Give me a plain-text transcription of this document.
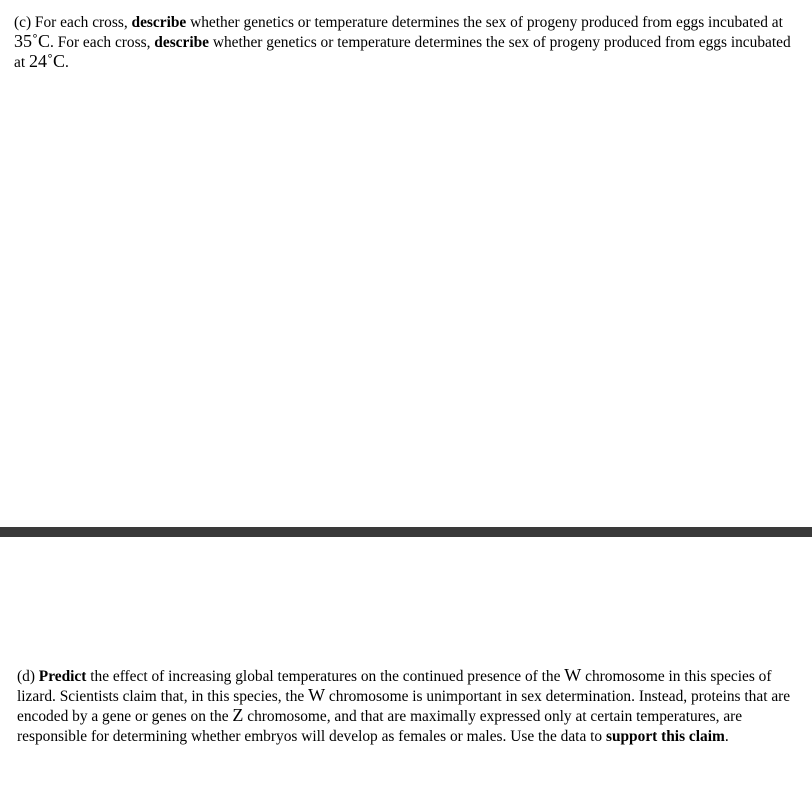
(c) For each cross, describe whether genetics or temperature determines the sex of progeny produced from eggs incubated at 35˚C. For each cross, describe whether genetics or temperature determines the sex of progeny produced from eggs incubated at 24˚C.

(d) Predict the effect of increasing global temperatures on the continued presence of the W chromosome in this species of lizard. Scientists claim that, in this species, the W chromosome is unimportant in sex determination. Instead, proteins that are encoded by a gene or genes on the Z chromosome, and that are maximally expressed only at certain temperatures, are responsible for determining whether embryos will develop as females or males. Use the data to support this claim.
